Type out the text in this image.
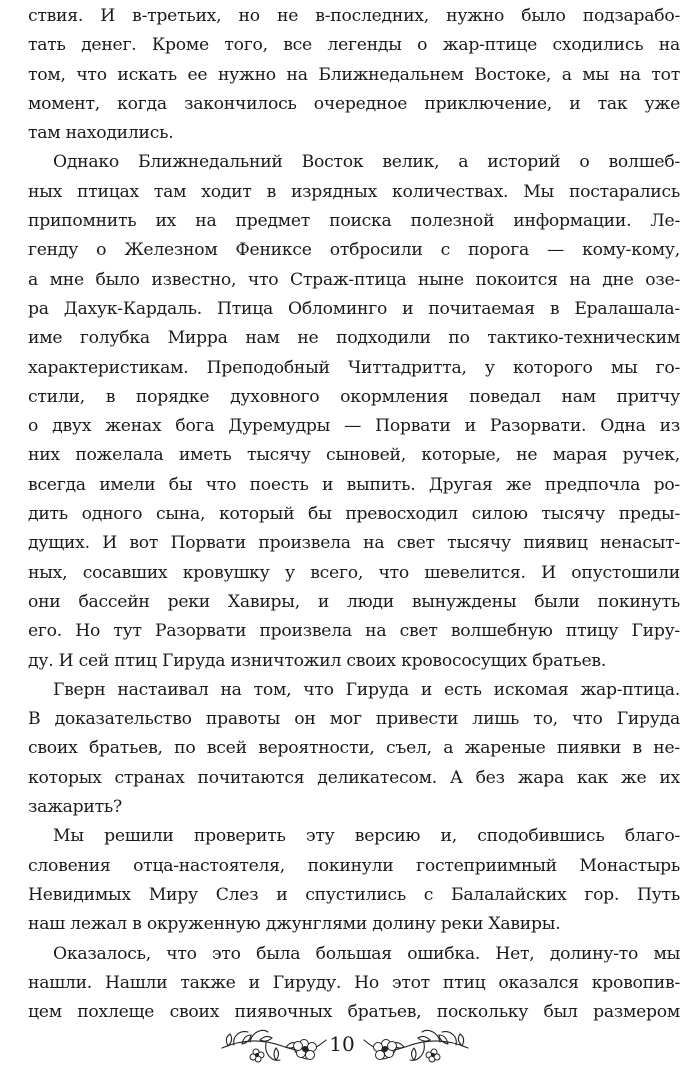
ствия. И в-третьих, но не в-последних, нужно было подзарабо-
тать денег. Кроме того, все легенды о жар-птице сходились на
том, что искать ее нужно на Ближнедальнем Востоке, а мы на тот
момент, когда закончилось очередное приключение, и так уже
там находились.
Однако Ближнедальний Восток велик, а историй о волшеб-
ных птицах там ходит в изрядных количествах. Мы постарались
припомнить их на предмет поиска полезной информации. Ле-
генду о Железном Фениксе отбросили с порога — кому-кому,
а мне было известно, что Страж-птица ныне покоится на дне озе-
ра Дахук-Кардаль. Птица Обломинго и почитаемая в Ералашала-
име голубка Мирра нам не подходили по тактико-техническим
характеристикам. Преподобный Читтадритта, у которого мы го-
стили, в порядке духовного окормления поведал нам притчу
о двух женах бога Дуремудры — Порвати и Разорвати. Одна из
них пожелала иметь тысячу сыновей, которые, не марая ручек,
всегда имели бы что поесть и выпить. Другая же предпочла ро-
дить одного сына, который бы превосходил силою тысячу преды-
дущих. И вот Порвати произвела на свет тысячу пиявиц ненасыт-
ных, сосавших кровушку у всего, что шевелится. И опустошили
они бассейн реки Хавиры, и люди вынуждены были покинуть
его. Но тут Разорвати произвела на свет волшебную птицу Гиру-
ду. И сей птиц Гируда изничтожил своих кровососущих братьев.
Гверн настаивал на том, что Гируда и есть искомая жар-птица.
В доказательство правоты он мог привести лишь то, что Гируда
своих братьев, по всей вероятности, съел, а жареные пиявки в не-
которых странах почитаются деликатесом. А без жара как же их
зажарить?
Мы решили проверить эту версию и, сподобившись благо-
словения отца-настоятеля, покинули гостеприимный Монастырь
Невидимых Миру Слез и спустились с Балалайских гор. Путь
наш лежал в окруженную джунглями долину реки Хавиры.
Оказалось, что это была большая ошибка. Нет, долину-то мы
нашли. Нашли также и Гируду. Но этот птиц оказался кровопив-
цем похлеще своих пиявочных братьев, поскольку был размером
10
